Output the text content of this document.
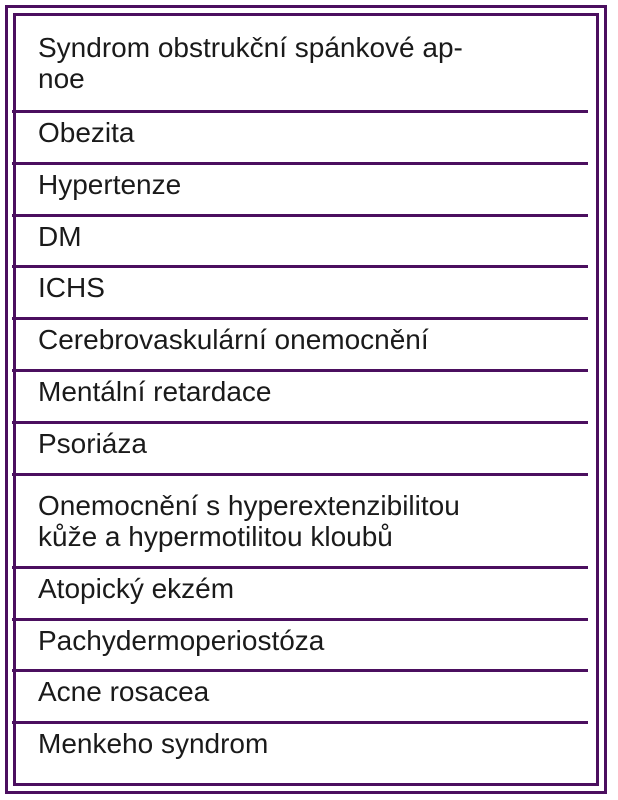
Syndrom obstrukční spánkové ap-
noe
Obezita
Hypertenze
DM
ICHS
Cerebrovaskulární onemocnění
Mentální retardace
Psoriáza
Onemocnění s hyperextenzibilitou
kůže a hypermotilitou kloubů
Atopický ekzém
Pachydermoperiostóza
Acne rosacea
Menkeho syndrom
